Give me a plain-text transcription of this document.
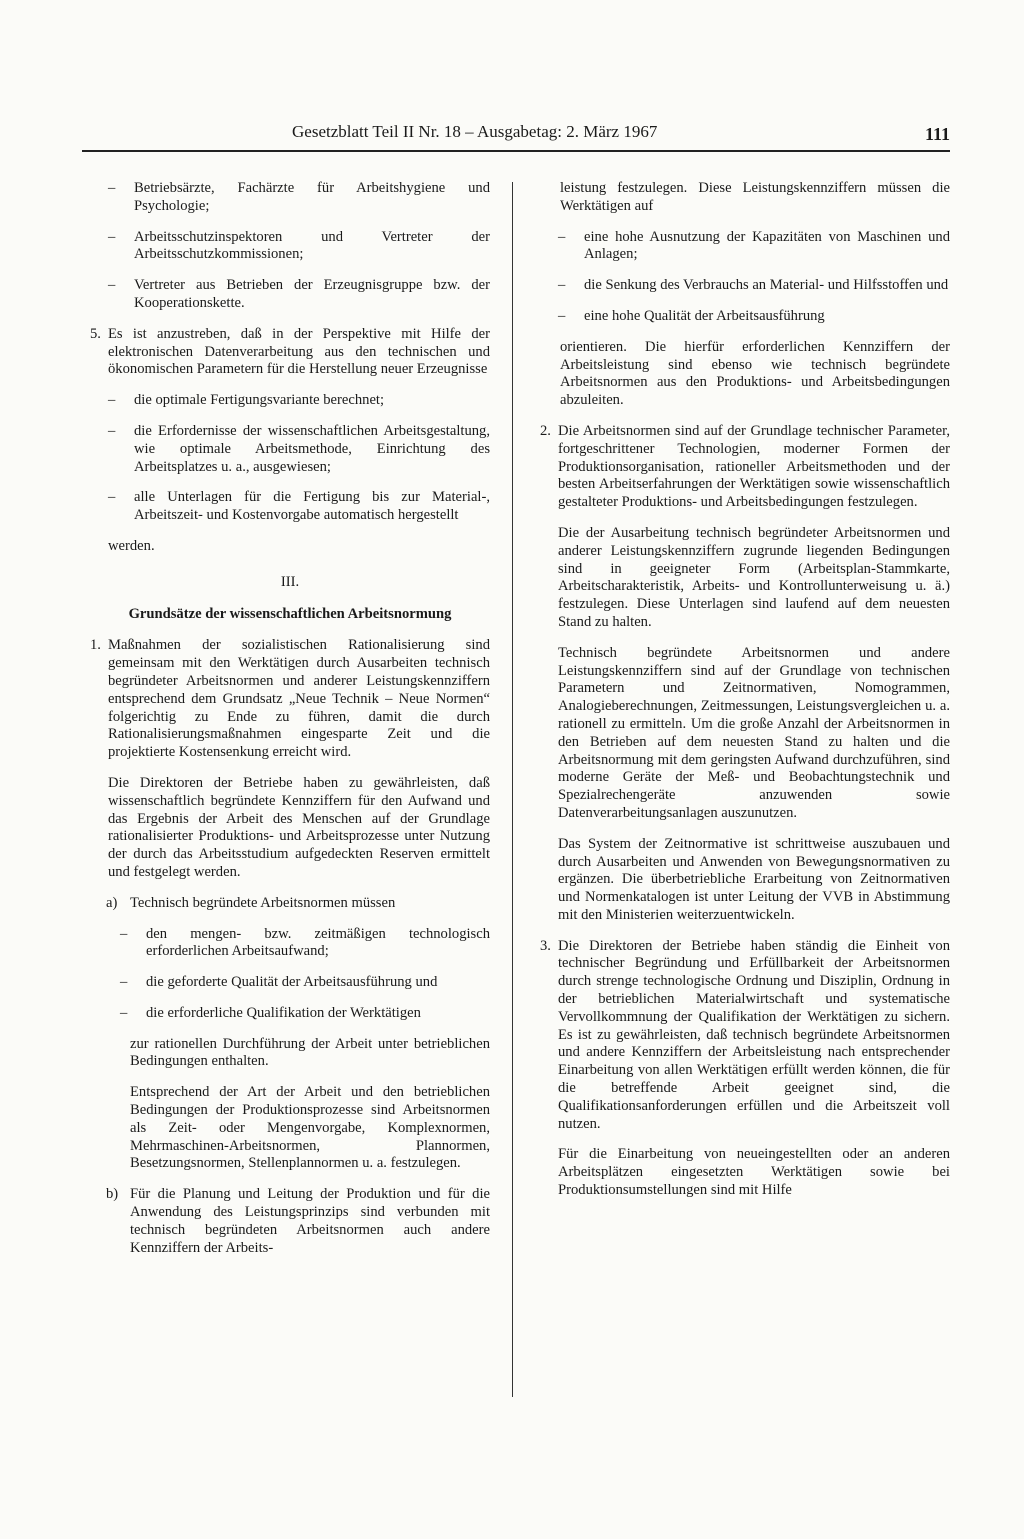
Gesetzblatt Teil II Nr. 18 – Ausgabetag: 2. März 1967	111
– Betriebsärzte, Fachärzte für Arbeitshygiene und Psychologie;
– Arbeitsschutzinspektoren und Vertreter der Arbeitsschutzkommissionen;
– Vertreter aus Betrieben der Erzeugnisgruppe bzw. der Kooperationskette.
5. Es ist anzustreben, daß in der Perspektive mit Hilfe der elektronischen Datenverarbeitung aus den technischen und ökonomischen Parametern für die Herstellung neuer Erzeugnisse
– die optimale Fertigungsvariante berechnet;
– die Erfordernisse der wissenschaftlichen Arbeitsgestaltung, wie optimale Arbeitsmethode, Einrichtung des Arbeitsplatzes u. a., ausgewiesen;
– alle Unterlagen für die Fertigung bis zur Material-, Arbeitszeit- und Kostenvorgabe automatisch hergestellt

werden.

III.
Grundsätze der wissenschaftlichen Arbeitsnormung
1. Maßnahmen der sozialistischen Rationalisierung sind gemeinsam mit den Werktätigen durch Ausarbeiten technisch begründeter Arbeitsnormen und anderer Leistungskennziffern entsprechend dem Grundsatz „Neue Technik – Neue Normen“ folgerichtig zu Ende zu führen, damit die durch Rationalisierungsmaßnahmen eingesparte Zeit und die projektierte Kostensenkung erreicht wird.

Die Direktoren der Betriebe haben zu gewährleisten, daß wissenschaftlich begründete Kennziffern für den Aufwand und das Ergebnis der Arbeit des Menschen auf der Grundlage rationalisierter Produktions- und Arbeitsprozesse unter Nutzung der durch das Arbeitsstudium aufgedeckten Reserven ermittelt und festgelegt werden.

a) Technisch begründete Arbeitsnormen müssen
– den mengen- bzw. zeitmäßigen technologisch erforderlichen Arbeitsaufwand;
– die geforderte Qualität der Arbeitsausführung und
– die erforderliche Qualifikation der Werktätigen

zur rationellen Durchführung der Arbeit unter betrieblichen Bedingungen enthalten.

Entsprechend der Art der Arbeit und den betrieblichen Bedingungen der Produktionsprozesse sind Arbeitsnormen als Zeit- oder Mengenvorgabe, Komplexnormen, Mehrmaschinen-Arbeitsnormen, Plannormen, Besetzungsnormen, Stellenplannormen u. a. festzulegen.

b) Für die Planung und Leitung der Produktion und für die Anwendung des Leistungsprinzips sind verbunden mit technisch begründeten Arbeitsnormen auch andere Kennziffern der Arbeits-

leistung festzulegen. Diese Leistungskennziffern müssen die Werktätigen auf

– eine hohe Ausnutzung der Kapazitäten von Maschinen und Anlagen;
– die Senkung des Verbrauchs an Material- und Hilfsstoffen und
– eine hohe Qualität der Arbeitsausführung

orientieren. Die hierfür erforderlichen Kennziffern der Arbeitsleistung sind ebenso wie technisch begründete Arbeitsnormen aus den Produktions- und Arbeitsbedingungen abzuleiten.

2. Die Arbeitsnormen sind auf der Grundlage technischer Parameter, fortgeschrittener Technologien, moderner Formen der Produktionsorganisation, rationeller Arbeitsmethoden und der besten Arbeitserfahrungen der Werktätigen sowie wissenschaftlich gestalteter Produktions- und Arbeitsbedingungen festzulegen.

Die der Ausarbeitung technisch begründeter Arbeitsnormen und anderer Leistungskennziffern zugrunde liegenden Bedingungen sind in geeigneter Form (Arbeitsplan-Stammkarte, Arbeitscharakteristik, Arbeits- und Kontrollunterweisung u. ä.) festzulegen. Diese Unterlagen sind laufend auf dem neuesten Stand zu halten.

Technisch begründete Arbeitsnormen und andere Leistungskennziffern sind auf der Grundlage von technischen Parametern und Zeitnormativen, Nomogrammen, Analogieberechnungen, Zeitmessungen, Leistungsvergleichen u. a. rationell zu ermitteln. Um die große Anzahl der Arbeitsnormen in den Betrieben auf dem neuesten Stand zu halten und die Arbeitsnormung mit dem geringsten Aufwand durchzuführen, sind moderne Geräte der Meß- und Beobachtungstechnik und Spezialrechengeräte anzuwenden sowie Datenverarbeitungsanlagen auszunutzen.

Das System der Zeitnormative ist schrittweise auszubauen und durch Ausarbeiten und Anwenden von Bewegungsnormativen zu ergänzen. Die überbetriebliche Erarbeitung von Zeitnormativen und Normenkatalogen ist unter Leitung der VVB in Abstimmung mit den Ministerien weiterzuentwickeln.

3. Die Direktoren der Betriebe haben ständig die Einheit von technischer Begründung und Erfüllbarkeit der Arbeitsnormen durch strenge technologische Ordnung und Disziplin, Ordnung in der betrieblichen Materialwirtschaft und systematische Vervollkommnung der Qualifikation der Werktätigen zu sichern. Es ist zu gewährleisten, daß technisch begründete Arbeitsnormen und andere Kennziffern der Arbeitsleistung nach entsprechender Einarbeitung von allen Werktätigen erfüllt werden können, die für die betreffende Arbeit geeignet sind, die Qualifikationsanforderungen erfüllen und die Arbeitszeit voll nutzen.

Für die Einarbeitung von neueingestellten oder an anderen Arbeitsplätzen eingesetzten Werktätigen sowie bei Produktionsumstellungen sind mit Hilfe
